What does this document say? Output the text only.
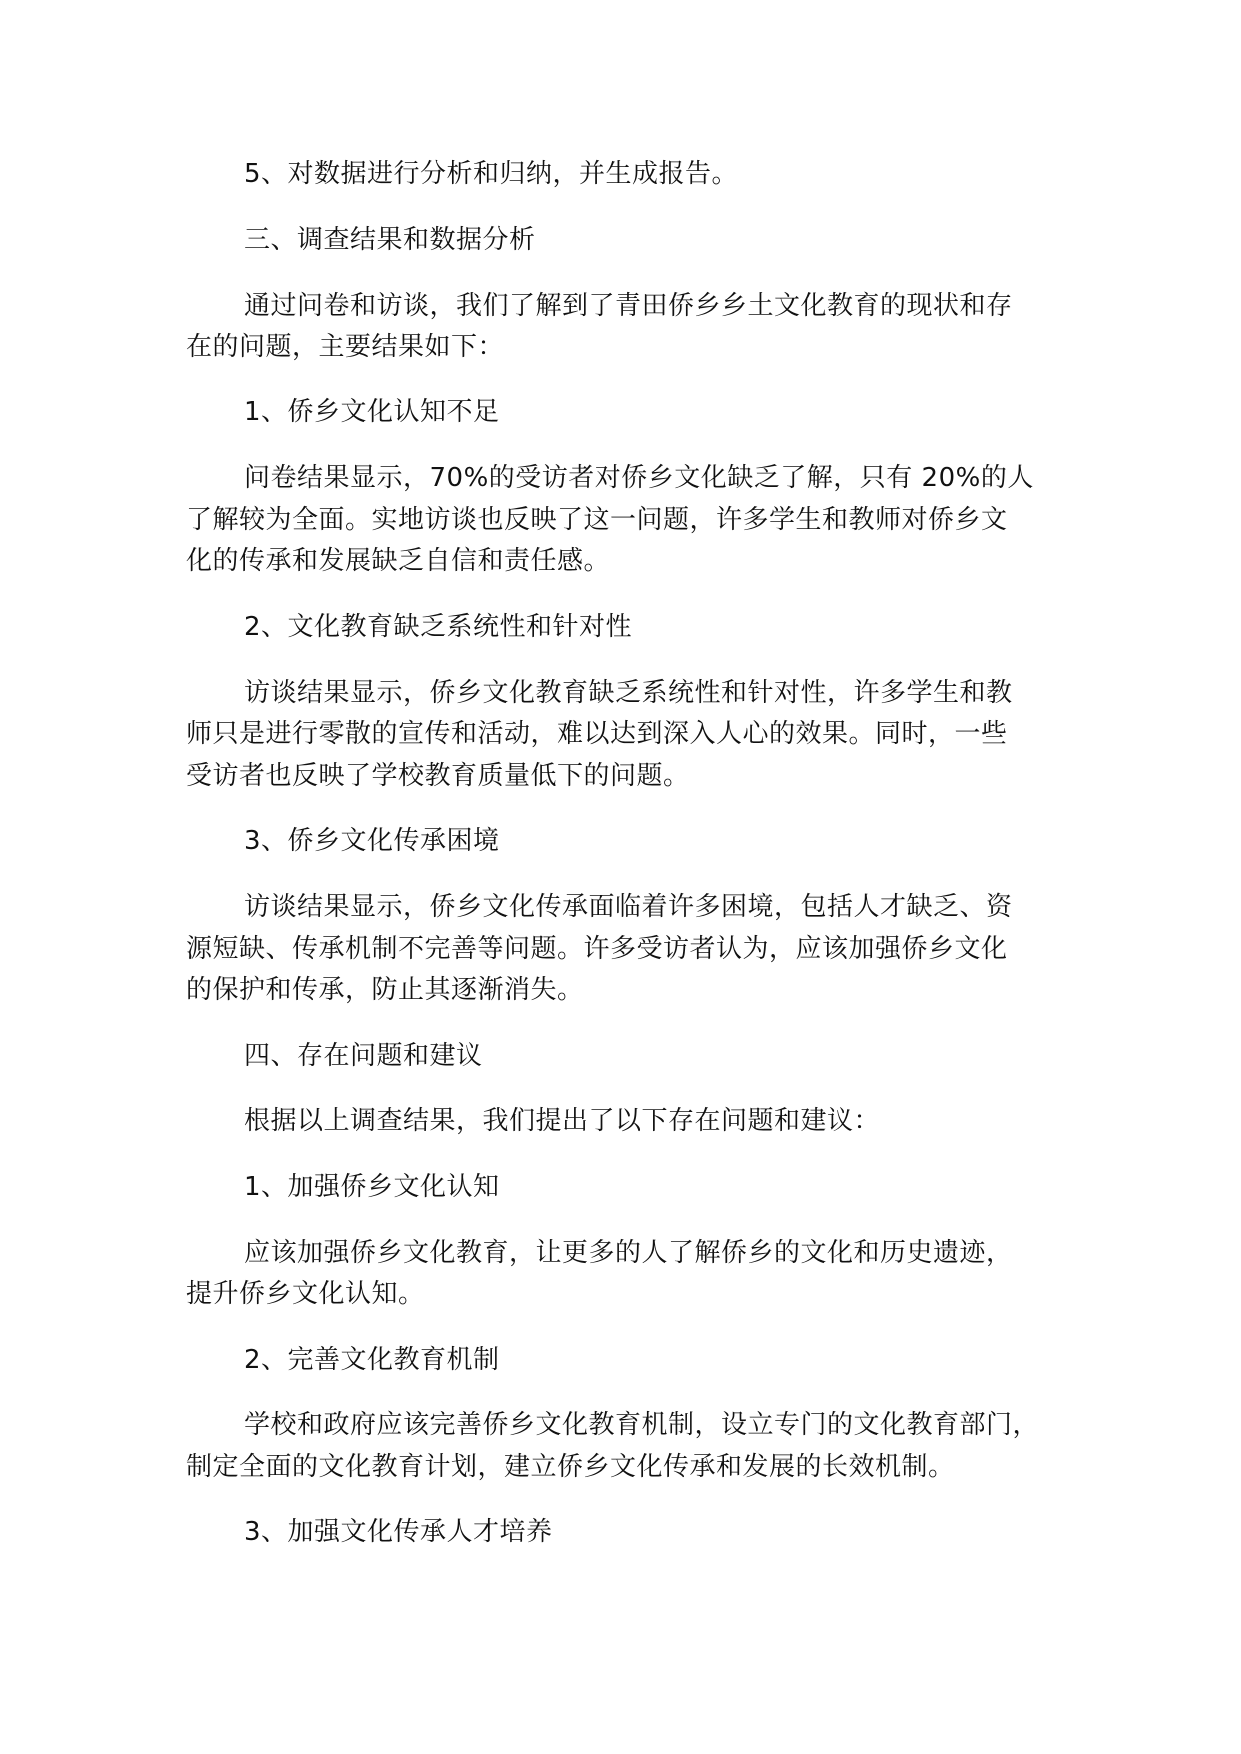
5、对数据进行分析和归纳，并生成报告。
三、调查结果和数据分析
通过问卷和访谈，我们了解到了青田侨乡乡土文化教育的现状和存
在的问题，主要结果如下：
1、侨乡文化认知不足
问卷结果显示，70%的受访者对侨乡文化缺乏了解，只有 20%的人
了解较为全面。实地访谈也反映了这一问题，许多学生和教师对侨乡文
化的传承和发展缺乏自信和责任感。
2、文化教育缺乏系统性和针对性
访谈结果显示，侨乡文化教育缺乏系统性和针对性，许多学生和教
师只是进行零散的宣传和活动，难以达到深入人心的效果。同时，一些
受访者也反映了学校教育质量低下的问题。
3、侨乡文化传承困境
访谈结果显示，侨乡文化传承面临着许多困境，包括人才缺乏、资
源短缺、传承机制不完善等问题。许多受访者认为，应该加强侨乡文化
的保护和传承，防止其逐渐消失。
四、存在问题和建议
根据以上调查结果，我们提出了以下存在问题和建议：
1、加强侨乡文化认知
应该加强侨乡文化教育，让更多的人了解侨乡的文化和历史遗迹，
提升侨乡文化认知。
2、完善文化教育机制
学校和政府应该完善侨乡文化教育机制，设立专门的文化教育部门，
制定全面的文化教育计划，建立侨乡文化传承和发展的长效机制。
3、加强文化传承人才培养
